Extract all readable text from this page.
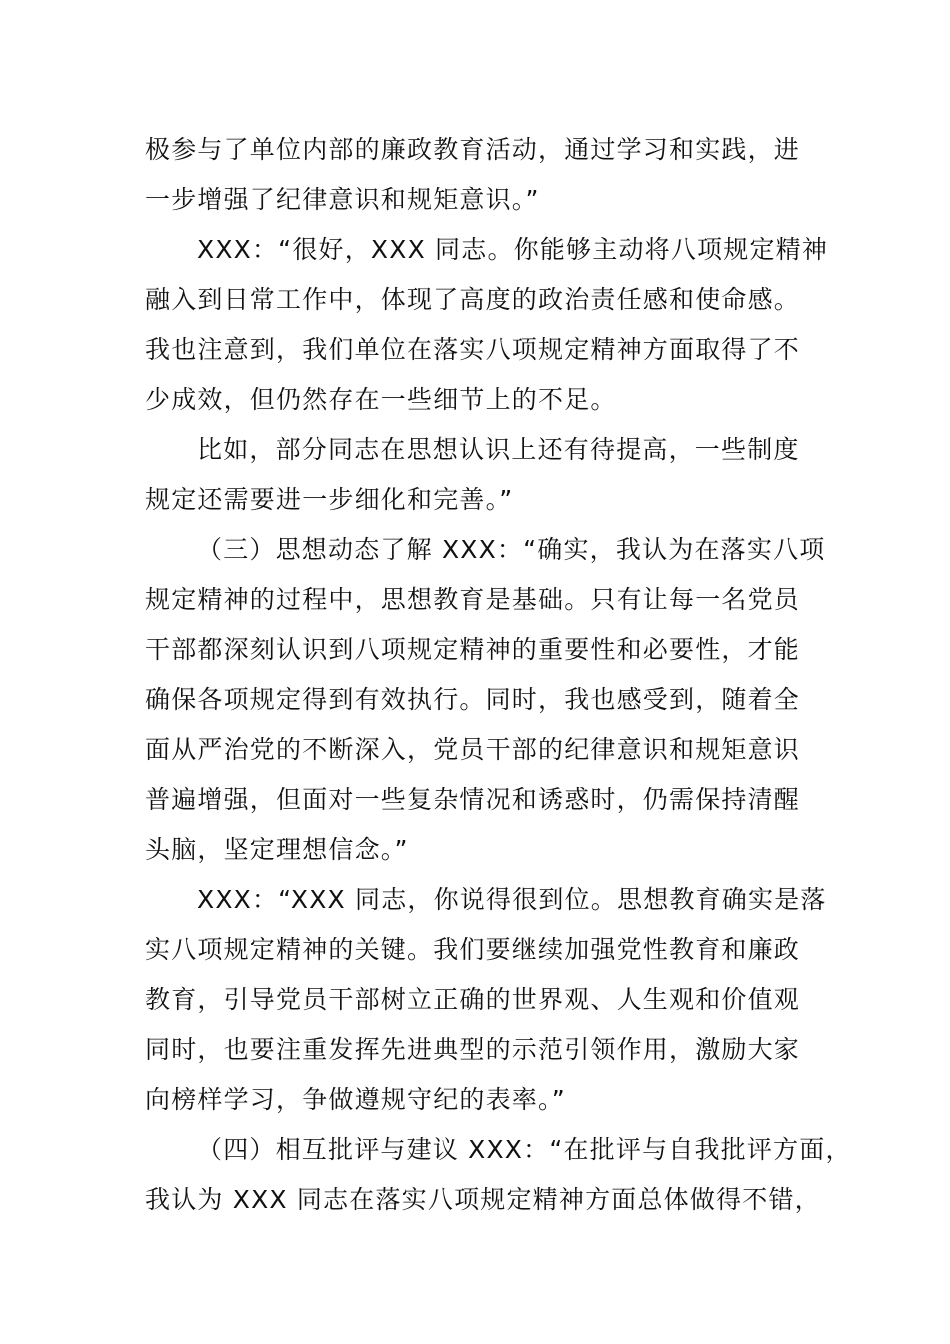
极参与了单位内部的廉政教育活动，通过学习和实践，进
一步增强了纪律意识和规矩意识。”
XXX：“很好，XXX 同志。你能够主动将八项规定精神
融入到日常工作中，体现了高度的政治责任感和使命感。
我也注意到，我们单位在落实八项规定精神方面取得了不
少成效，但仍然存在一些细节上的不足。
比如，部分同志在思想认识上还有待提高，一些制度
规定还需要进一步细化和完善。”
（三）思想动态了解 XXX：“确实，我认为在落实八项
规定精神的过程中，思想教育是基础。只有让每一名党员
干部都深刻认识到八项规定精神的重要性和必要性，才能
确保各项规定得到有效执行。同时，我也感受到，随着全
面从严治党的不断深入，党员干部的纪律意识和规矩意识
普遍增强，但面对一些复杂情况和诱惑时，仍需保持清醒
头脑，坚定理想信念。”
XXX：“XXX 同志，你说得很到位。思想教育确实是落
实八项规定精神的关键。我们要继续加强党性教育和廉政
教育，引导党员干部树立正确的世界观、人生观和价值观
同时，也要注重发挥先进典型的示范引领作用，激励大家
向榜样学习，争做遵规守纪的表率。”
（四）相互批评与建议 XXX：“在批评与自我批评方面，
我认为 XXX 同志在落实八项规定精神方面总体做得不错，
